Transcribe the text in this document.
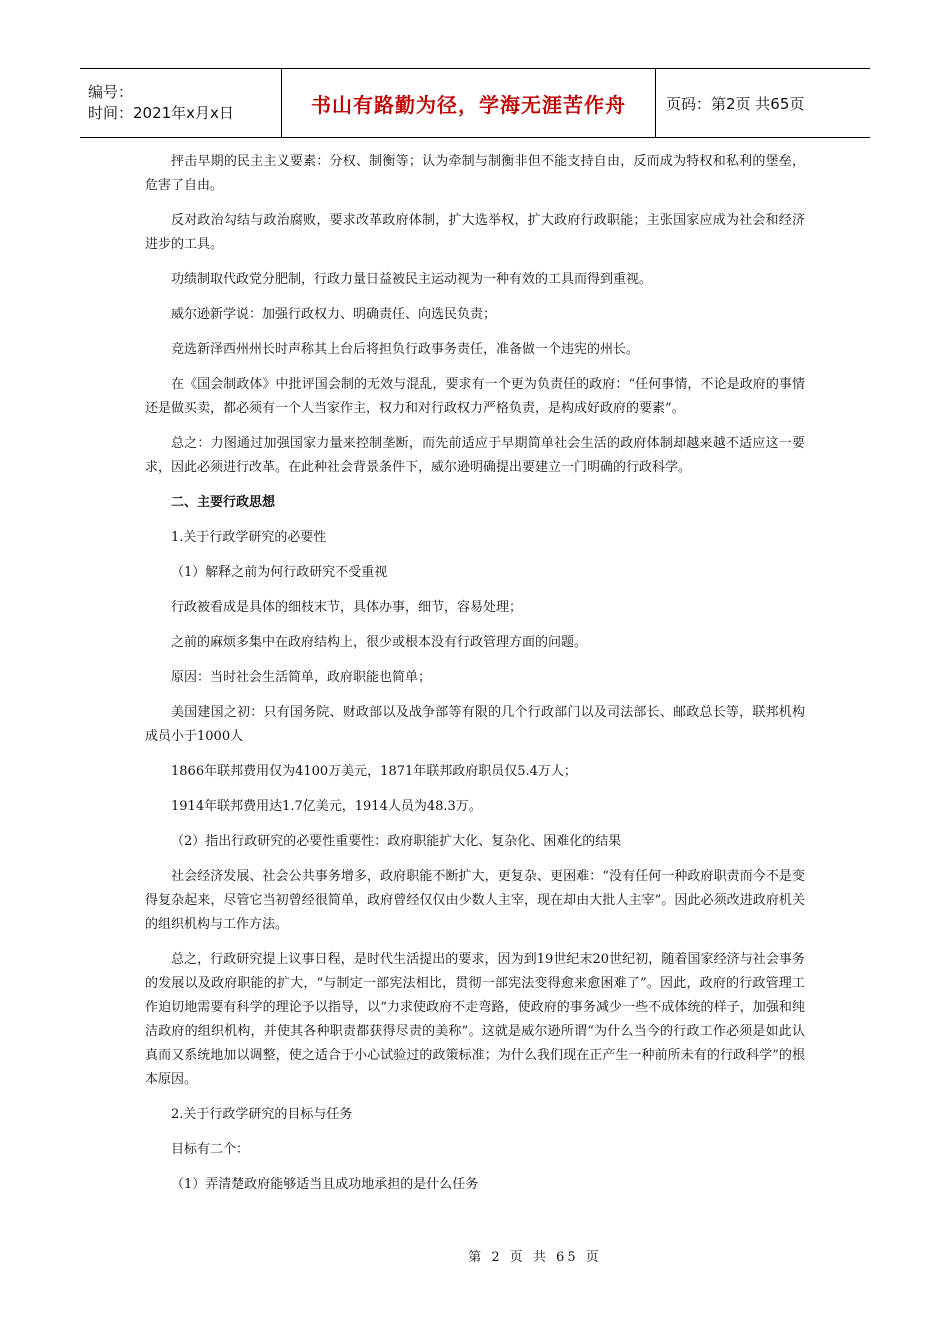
编号：
时间：2021年x月x日	书山有路勤为径，学海无涯苦作舟	页码：第2页 共65页

抨击早期的民主主义要素：分权、制衡等；认为牵制与制衡非但不能支持自由，反而成为特权和私利的堡垒，危害了自由。

反对政治勾结与政治腐败，要求改革政府体制，扩大选举权，扩大政府行政职能；主张国家应成为社会和经济进步的工具。

功绩制取代政党分肥制，行政力量日益被民主运动视为一种有效的工具而得到重视。

威尔逊新学说：加强行政权力、明确责任、向选民负责；

竞选新泽西州州长时声称其上台后将担负行政事务责任，准备做一个违宪的州长。

在《国会制政体》中批评国会制的无效与混乱，要求有一个更为负责任的政府：“任何事情，不论是政府的事情还是做买卖，都必须有一个人当家作主，权力和对行政权力严格负责，是构成好政府的要素”。

总之：力图通过加强国家力量来控制垄断，而先前适应于早期简单社会生活的政府体制却越来越不适应这一要求，因此必须进行改革。在此种社会背景条件下，威尔逊明确提出要建立一门明确的行政科学。

二、主要行政思想

1.关于行政学研究的必要性

（1）解释之前为何行政研究不受重视

行政被看成是具体的细枝末节，具体办事，细节，容易处理；

之前的麻烦多集中在政府结构上，很少或根本没有行政管理方面的问题。

原因：当时社会生活简单，政府职能也简单；

美国建国之初：只有国务院、财政部以及战争部等有限的几个行政部门以及司法部长、邮政总长等，联邦机构成员小于1000人

1866年联邦费用仅为4100万美元，1871年联邦政府职员仅5.4万人；

1914年联邦费用达1.7亿美元，1914人员为48.3万。

（2）指出行政研究的必要性重要性：政府职能扩大化、复杂化、困难化的结果

社会经济发展、社会公共事务增多，政府职能不断扩大，更复杂、更困难：“没有任何一种政府职责而今不是变得复杂起来，尽管它当初曾经很简单，政府曾经仅仅由少数人主宰，现在却由大批人主宰”。因此必须改进政府机关的组织机构与工作方法。

总之，行政研究提上议事日程，是时代生活提出的要求，因为到19世纪末20世纪初，随着国家经济与社会事务的发展以及政府职能的扩大，“与制定一部宪法相比，贯彻一部宪法变得愈来愈困难了”。因此，政府的行政管理工作迫切地需要有科学的理论予以指导，以“力求使政府不走弯路，使政府的事务减少一些不成体统的样子，加强和纯洁政府的组织机构，并使其各种职责都获得尽责的美称”。这就是威尔逊所谓“为什么当今的行政工作必须是如此认真而又系统地加以调整，使之适合于小心试验过的政策标准；为什么我们现在正产生一种前所未有的行政科学”的根本原因。

2.关于行政学研究的目标与任务

目标有二个：

（1）弄清楚政府能够适当且成功地承担的是什么任务

第 2 页 共 65 页
